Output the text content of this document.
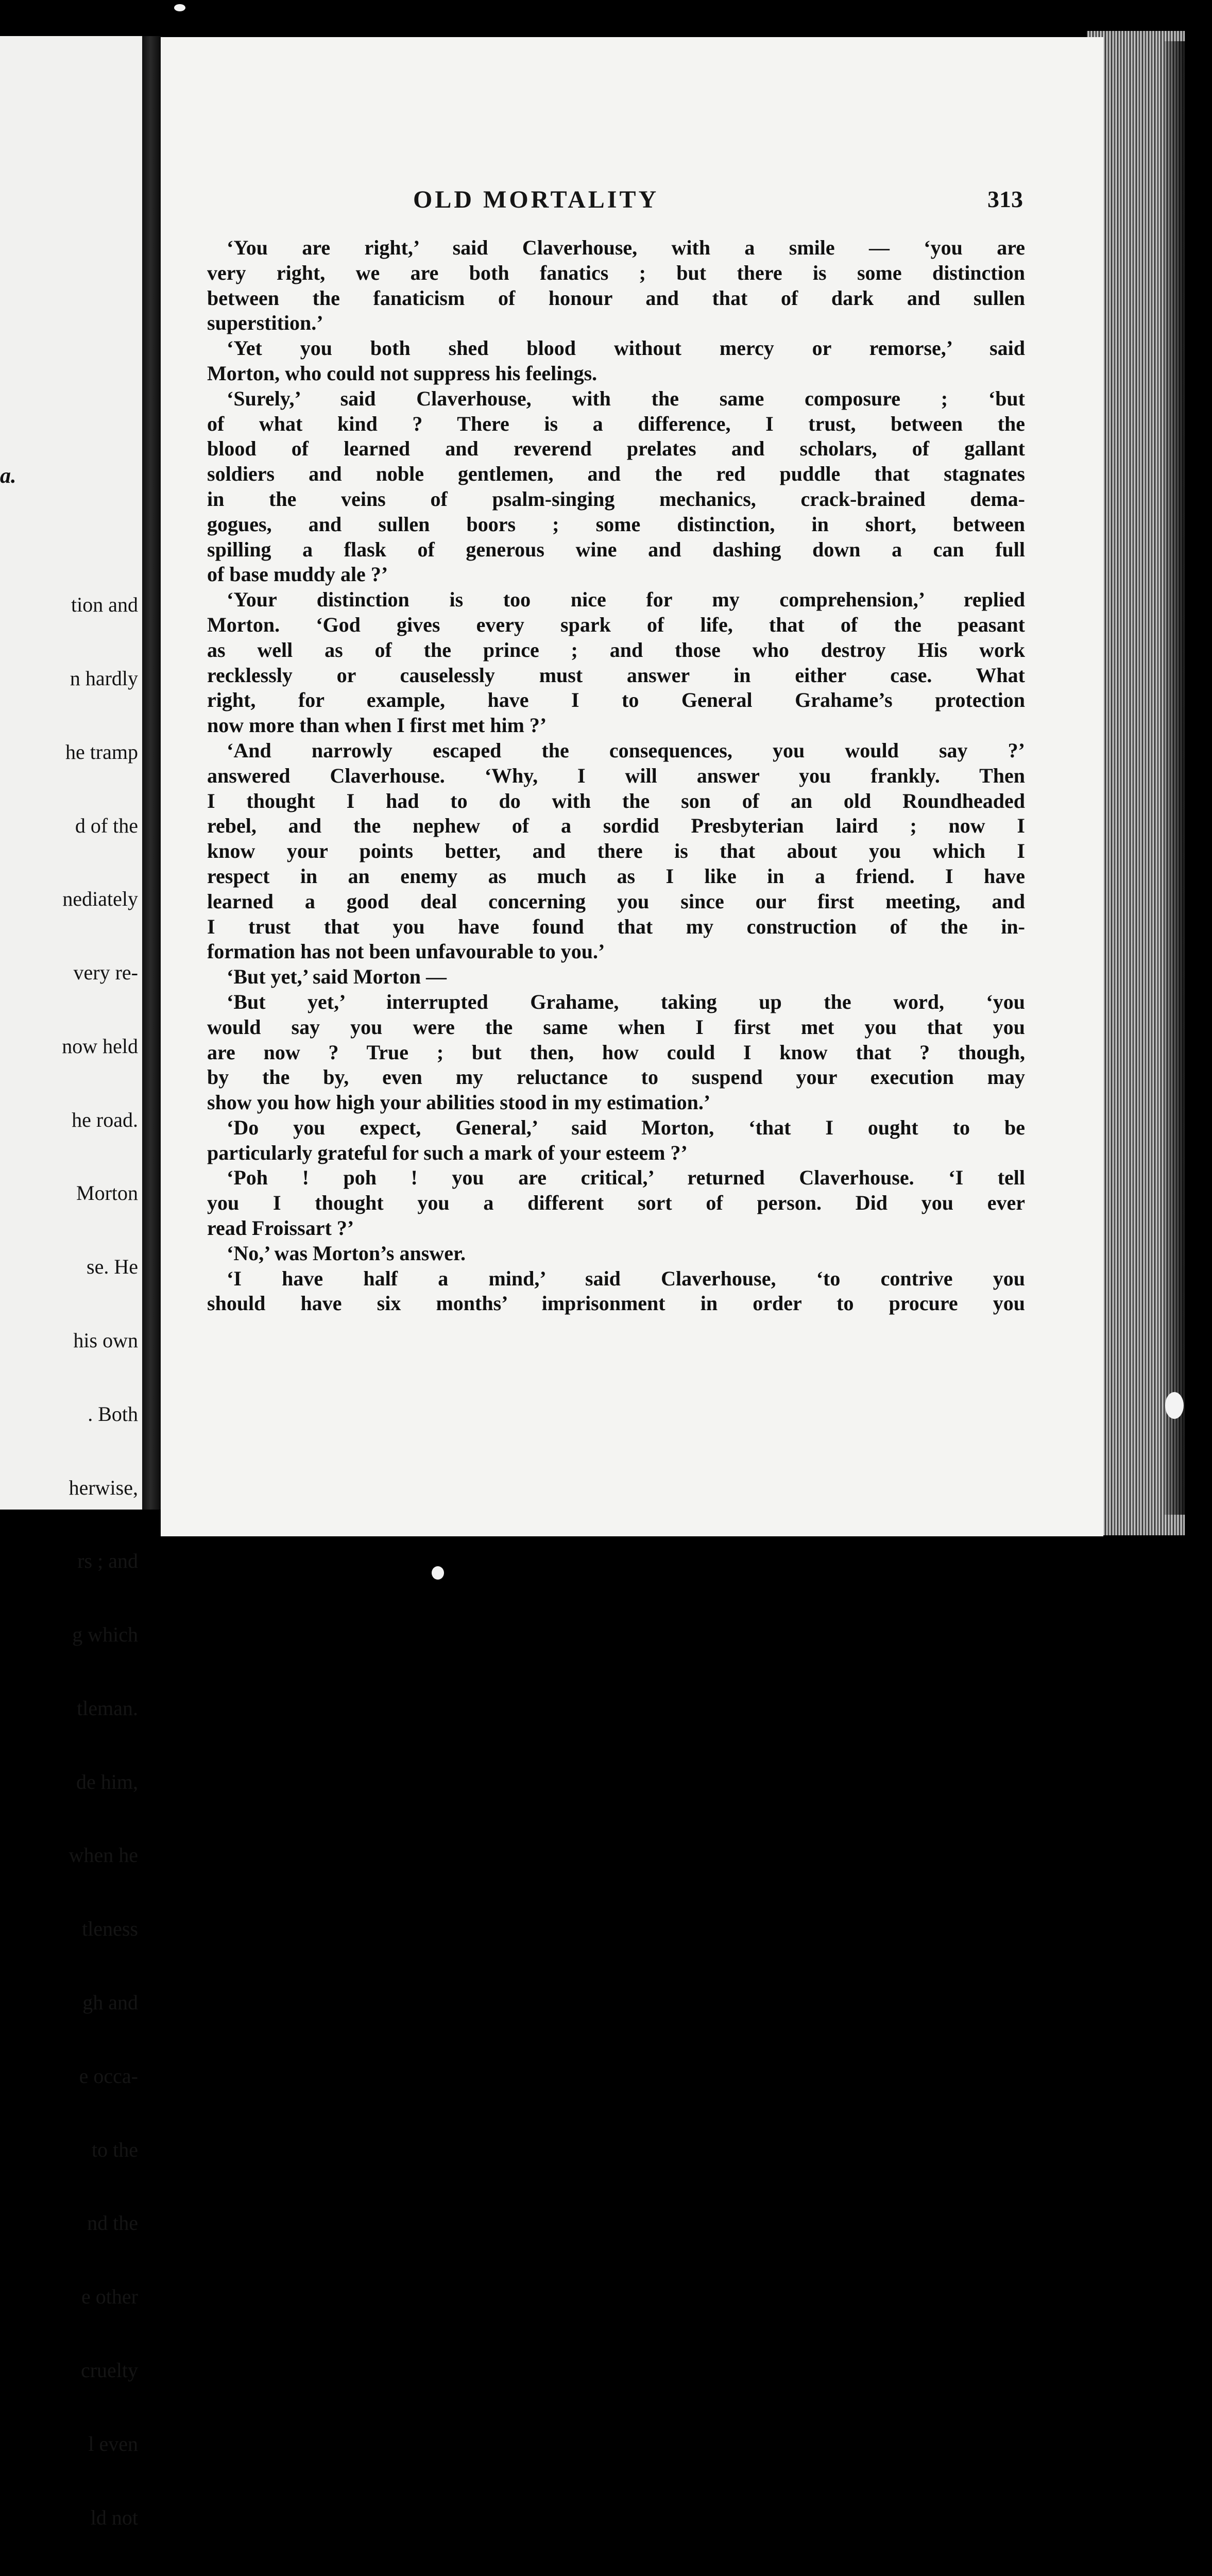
a.

tion and

n hardly

he tramp

d of the

nediately

very re-

now held

he road.

Morton

se. He

his own

. Both

herwise,

rs ; and

g which

tleman.

de him,

when he

tleness

gh and

e occa-

to the

nd the

e other

cruelty

l even

ld not

OLD MORTALITY	313
‘You are right,’ said Claverhouse, with a smile — ‘you are
very right, we are both fanatics ; but there is some distinction
between the fanaticism of honour and that of dark and sullen
superstition.’
‘Yet you both shed blood without mercy or remorse,’ said
Morton, who could not suppress his feelings.
‘Surely,’ said Claverhouse, with the same composure ; ‘but
of what kind ? There is a difference, I trust, between the
blood of learned and reverend prelates and scholars, of gallant
soldiers and noble gentlemen, and the red puddle that stagnates
in the veins of psalm-singing mechanics, crack-brained dema-
gogues, and sullen boors ; some distinction, in short, between
spilling a flask of generous wine and dashing down a can full
of base muddy ale ?’
‘Your distinction is too nice for my comprehension,’ replied
Morton. ‘God gives every spark of life, that of the peasant
as well as of the prince ; and those who destroy His work
recklessly or causelessly must answer in either case. What
right, for example, have I to General Grahame’s protection
now more than when I first met him ?’
‘And narrowly escaped the consequences, you would say ?’
answered Claverhouse. ‘Why, I will answer you frankly. Then
I thought I had to do with the son of an old Roundheaded
rebel, and the nephew of a sordid Presbyterian laird ; now I
know your points better, and there is that about you which I
respect in an enemy as much as I like in a friend. I have
learned a good deal concerning you since our first meeting, and
I trust that you have found that my construction of the in-
formation has not been unfavourable to you.’
‘But yet,’ said Morton —
‘But yet,’ interrupted Grahame, taking up the word, ‘you
would say you were the same when I first met you that you
are now ? True ; but then, how could I know that ? though,
by the by, even my reluctance to suspend your execution may
show you how high your abilities stood in my estimation.’
‘Do you expect, General,’ said Morton, ‘that I ought to be
particularly grateful for such a mark of your esteem ?’
‘Poh ! poh ! you are critical,’ returned Claverhouse. ‘I tell
you I thought you a different sort of person. Did you ever
read Froissart ?’
‘No,’ was Morton’s answer.
‘I have half a mind,’ said Claverhouse, ‘to contrive you
should have six months’ imprisonment in order to procure you
